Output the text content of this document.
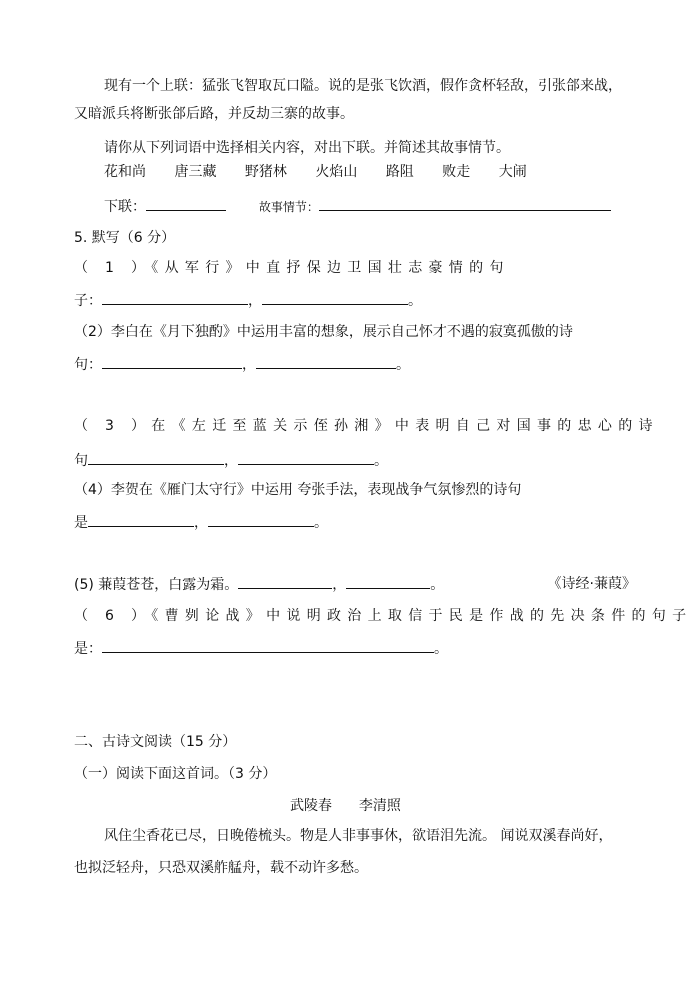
现有一个上联：猛张飞智取瓦口隘。说的是张飞饮酒，假作贪杯轻敌，引张郃来战，
又暗派兵将断张郃后路，并反劫三寨的故事。
请你从下列词语中选择相关内容，对出下联。并简述其故事情节。
花和尚 唐三藏 野猪林 火焰山 路阻 败走 大闹
下联：	故事情节：
5. 默写（6 分）
（ 1 ）《从军行》中直抒保边卫国壮志豪情的句
子：	，	。
（2）李白在《月下独酌》中运用丰富的想象，展示自己怀才不遇的寂寞孤傲的诗
句：	，	。
（ 3 ）在《左迁至蓝关示侄孙湘》中表明自己对国事的忠心的诗
句	，	。
（4）李贺在《雁门太守行》中运用 夸张手法，表现战争气氛惨烈的诗句
是	，	。
(5) 蒹葭苍苍，白露为霜。	，	。	《诗经·蒹葭》
（ 6 ）《曹刿论战》中说明政治上取信于民是作战的先决条件的句子
是：	。
二、古诗文阅读（15 分）
（一）阅读下面这首词。（3 分）
武陵春 李清照
风住尘香花已尽，日晚倦梳头。物是人非事事休，欲语泪先流。 闻说双溪春尚好，
也拟泛轻舟，只恐双溪舴艋舟，载不动许多愁。
